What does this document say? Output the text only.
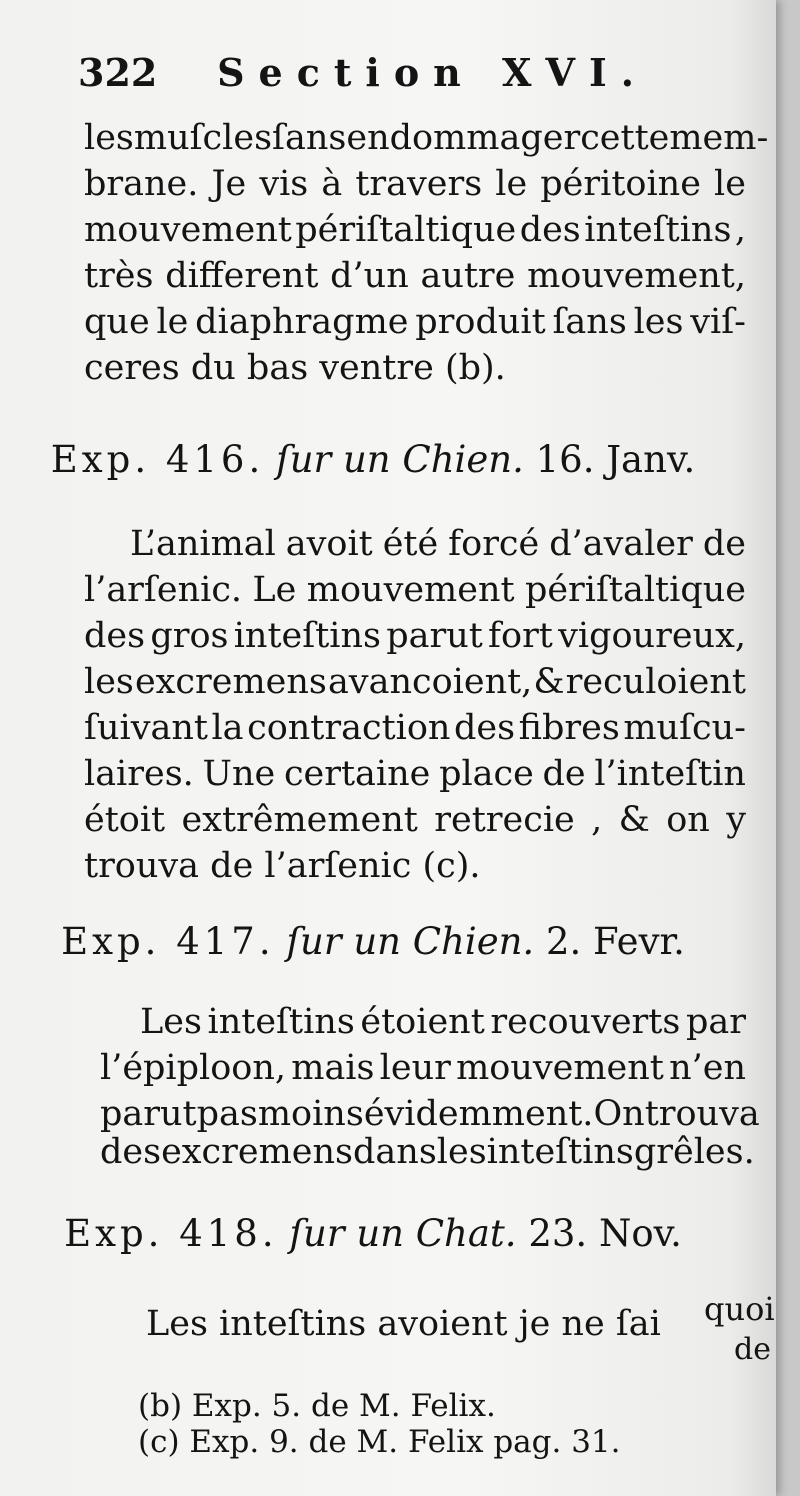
322 Section XVI.
les muſcles ſans endommager cette mem-
brane. Je vis à travers le péritoine le
mouvement périſtaltique des inteſtins ,
très different d’un autre mouvement,
que le diaphragme produit ſans les viſ-
ceres du bas ventre (b).
Exp. 416. ſur un Chien. 16. Janv.
L’animal avoit été forcé d’avaler de
l’arſenic. Le mouvement périſtaltique
des gros inteſtins parut fort vigoureux,
les excremens avancoient, & reculoient
ſuivant la contraction des fibres muſcu-
laires. Une certaine place de l’inteſtin
étoit extrêmement retrecie , & on y
trouva de l’arſenic (c).
Exp. 417. ſur un Chien. 2. Fevr.
Les inteſtins étoient recouverts par
l’épiploon, mais leur mouvement n’en
parut pas moins évidemment. On trouva
des excremens dans les inteſtins grêles.
Exp. 418. ſur un Chat. 23. Nov.
Les inteſtins avoient je ne ſai	quoi
de
(b) Exp. 5. de M. Felix.
(c) Exp. 9. de M. Felix pag. 31.
